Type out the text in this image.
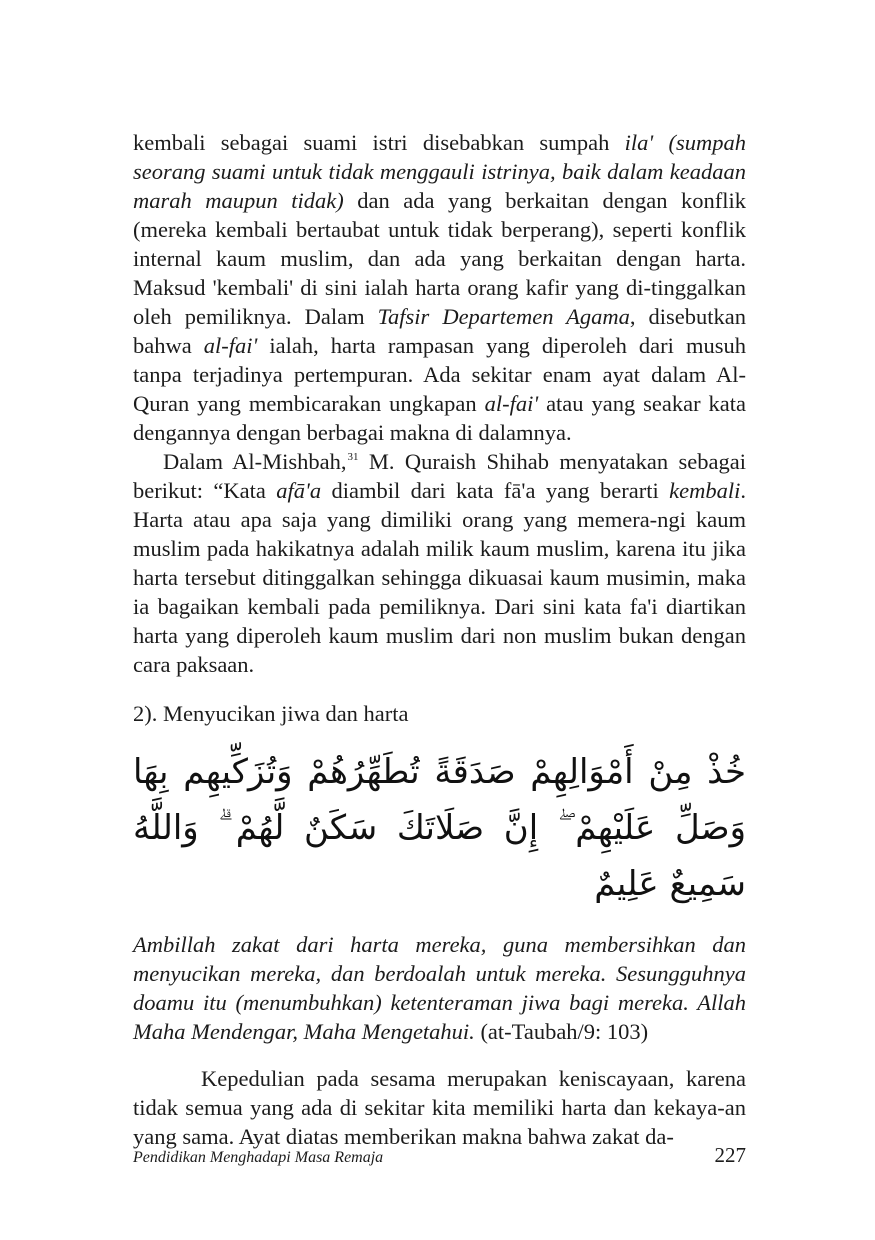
kembali sebagai suami istri disebabkan sumpah ila' (sumpah seorang suami untuk tidak menggauli istrinya, baik dalam keadaan marah maupun tidak) dan ada yang berkaitan dengan konflik (mereka kembali bertaubat untuk tidak berperang), seperti konflik internal kaum muslim, dan ada yang berkaitan dengan harta. Maksud 'kembali' di sini ialah harta orang kafir yang di-tinggalkan oleh pemiliknya. Dalam Tafsir Departemen Agama, disebutkan bahwa al-fai' ialah, harta rampasan yang diperoleh dari musuh tanpa terjadinya pertempuran. Ada sekitar enam ayat dalam Al-Quran yang membicarakan ungkapan al-fai' atau yang seakar kata dengannya dengan berbagai makna di dalamnya.

Dalam Al-Mishbah,$^{31}$ M. Quraish Shihab menyatakan sebagai berikut: “Kata afā'a diambil dari kata fā'a yang berarti kembali. Harta atau apa saja yang dimiliki orang yang memera-ngi kaum muslim pada hakikatnya adalah milik kaum muslim, karena itu jika harta tersebut ditinggalkan sehingga dikuasai kaum musimin, maka ia bagaikan kembali pada pemiliknya. Dari sini kata fa'i diartikan harta yang diperoleh kaum muslim dari non muslim bukan dengan cara paksaan.

2). Menyucikan jiwa dan harta

خُذْ مِنْ أَمْوَالِهِمْ صَدَقَةً تُطَهِّرُهُمْ وَتُزَكِّيهِم بِهَا وَصَلِّ عَلَيْهِمْ ۖ إِنَّ صَلَاتَكَ سَكَنٌ لَّهُمْ ۗ وَاللَّهُ سَمِيعٌ عَلِيمٌ

Ambillah zakat dari harta mereka, guna membersihkan dan menyucikan mereka, dan berdoalah untuk mereka. Sesungguhnya doamu itu (menumbuhkan) ketenteraman jiwa bagi mereka. Allah Maha Mendengar, Maha Mengetahui. (at-Taubah/9: 103)

Kepedulian pada sesama merupakan keniscayaan, karena tidak semua yang ada di sekitar kita memiliki harta dan kekaya-an yang sama. Ayat diatas memberikan makna bahwa zakat da-

Pendidikan Menghadapi Masa Remaja	227
